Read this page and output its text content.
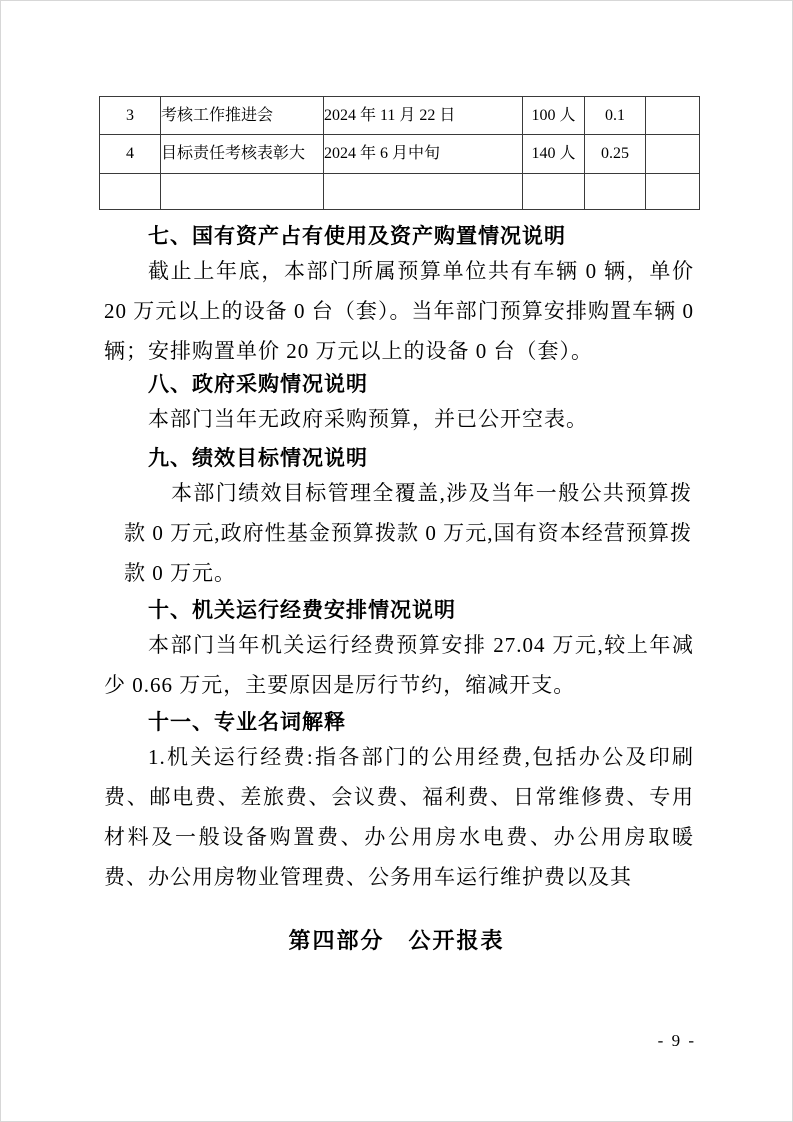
3	考核工作推进会	2024 年 11 月 22 日	100 人	0.1	
4	目标责任考核表彰大	2024 年 6 月中旬	140 人	0.25	

七、国有资产占有使用及资产购置情况说明

截止上年底，本部门所属预算单位共有车辆 0 辆，单价 20 万元以上的设备 0 台（套）。当年部门预算安排购置车辆 0 辆；安排购置单价 20 万元以上的设备 0 台（套）。

八、政府采购情况说明

本部门当年无政府采购预算，并已公开空表。

九、绩效目标情况说明

本部门绩效目标管理全覆盖,涉及当年一般公共预算拨款 0 万元,政府性基金预算拨款 0 万元,国有资本经营预算拨款 0 万元。

十、机关运行经费安排情况说明

本部门当年机关运行经费预算安排 27.04 万元,较上年减少 0.66 万元，主要原因是厉行节约，缩减开支。

十一、专业名词解释

1.机关运行经费:指各部门的公用经费,包括办公及印刷费、邮电费、差旅费、会议费、福利费、日常维修费、专用材料及一般设备购置费、办公用房水电费、办公用房取暖费、办公用房物业管理费、公务用车运行维护费以及其

第四部分　公开报表
- 9 -
